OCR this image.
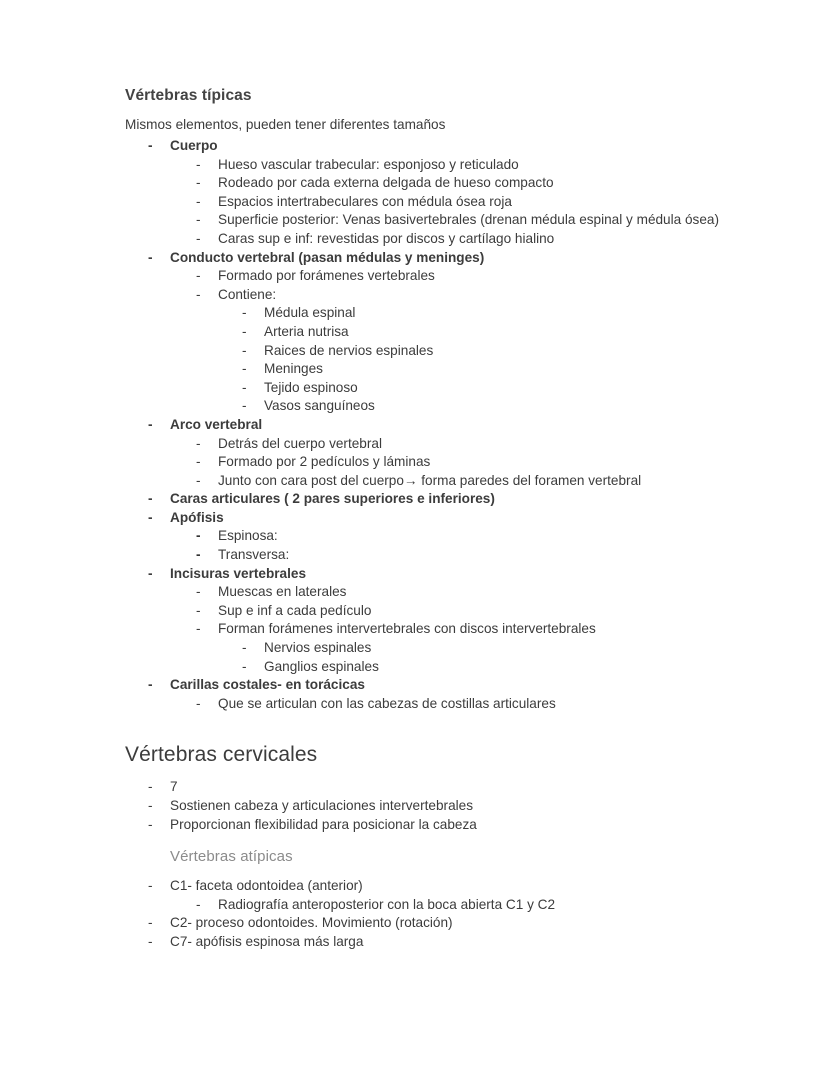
Vértebras típicas

Mismos elementos, pueden tener diferentes tamaños

-	Cuerpo
-	Hueso vascular trabecular: esponjoso y reticulado
-	Rodeado por cada externa delgada de hueso compacto
-	Espacios intertrabeculares con médula ósea roja
-	Superficie posterior: Venas basivertebrales (drenan médula espinal y médula ósea)
-	Caras sup e inf: revestidas por discos y cartílago hialino
-	Conducto vertebral (pasan médulas y meninges)
-	Formado por forámenes vertebrales
-	Contiene:
-	Médula espinal
-	Arteria nutrisa
-	Raices de nervios espinales
-	Meninges
-	Tejido espinoso
-	Vasos sanguíneos
-	Arco vertebral
-	Detrás del cuerpo vertebral
-	Formado por 2 pedículos y láminas
-	Junto con cara post del cuerpo→ forma paredes del foramen vertebral
-	Caras articulares ( 2 pares superiores e inferiores)
-	Apófisis
-	Espinosa:
-	Transversa:
-	Incisuras vertebrales
-	Muescas en laterales
-	Sup e inf a cada pedículo
-	Forman forámenes intervertebrales con discos intervertebrales
-	Nervios espinales
-	Ganglios espinales
-	Carillas costales- en torácicas
-	Que se articulan con las cabezas de costillas articulares
Vértebras cervicales
-	7
-	Sostienen cabeza y articulaciones intervertebrales
-	Proporcionan flexibilidad para posicionar la cabeza
Vértebras atípicas
-	C1- faceta odontoidea (anterior)
-	Radiografía anteroposterior con la boca abierta C1 y C2
-	C2- proceso odontoides. Movimiento (rotación)
-	C7- apófisis espinosa más larga
